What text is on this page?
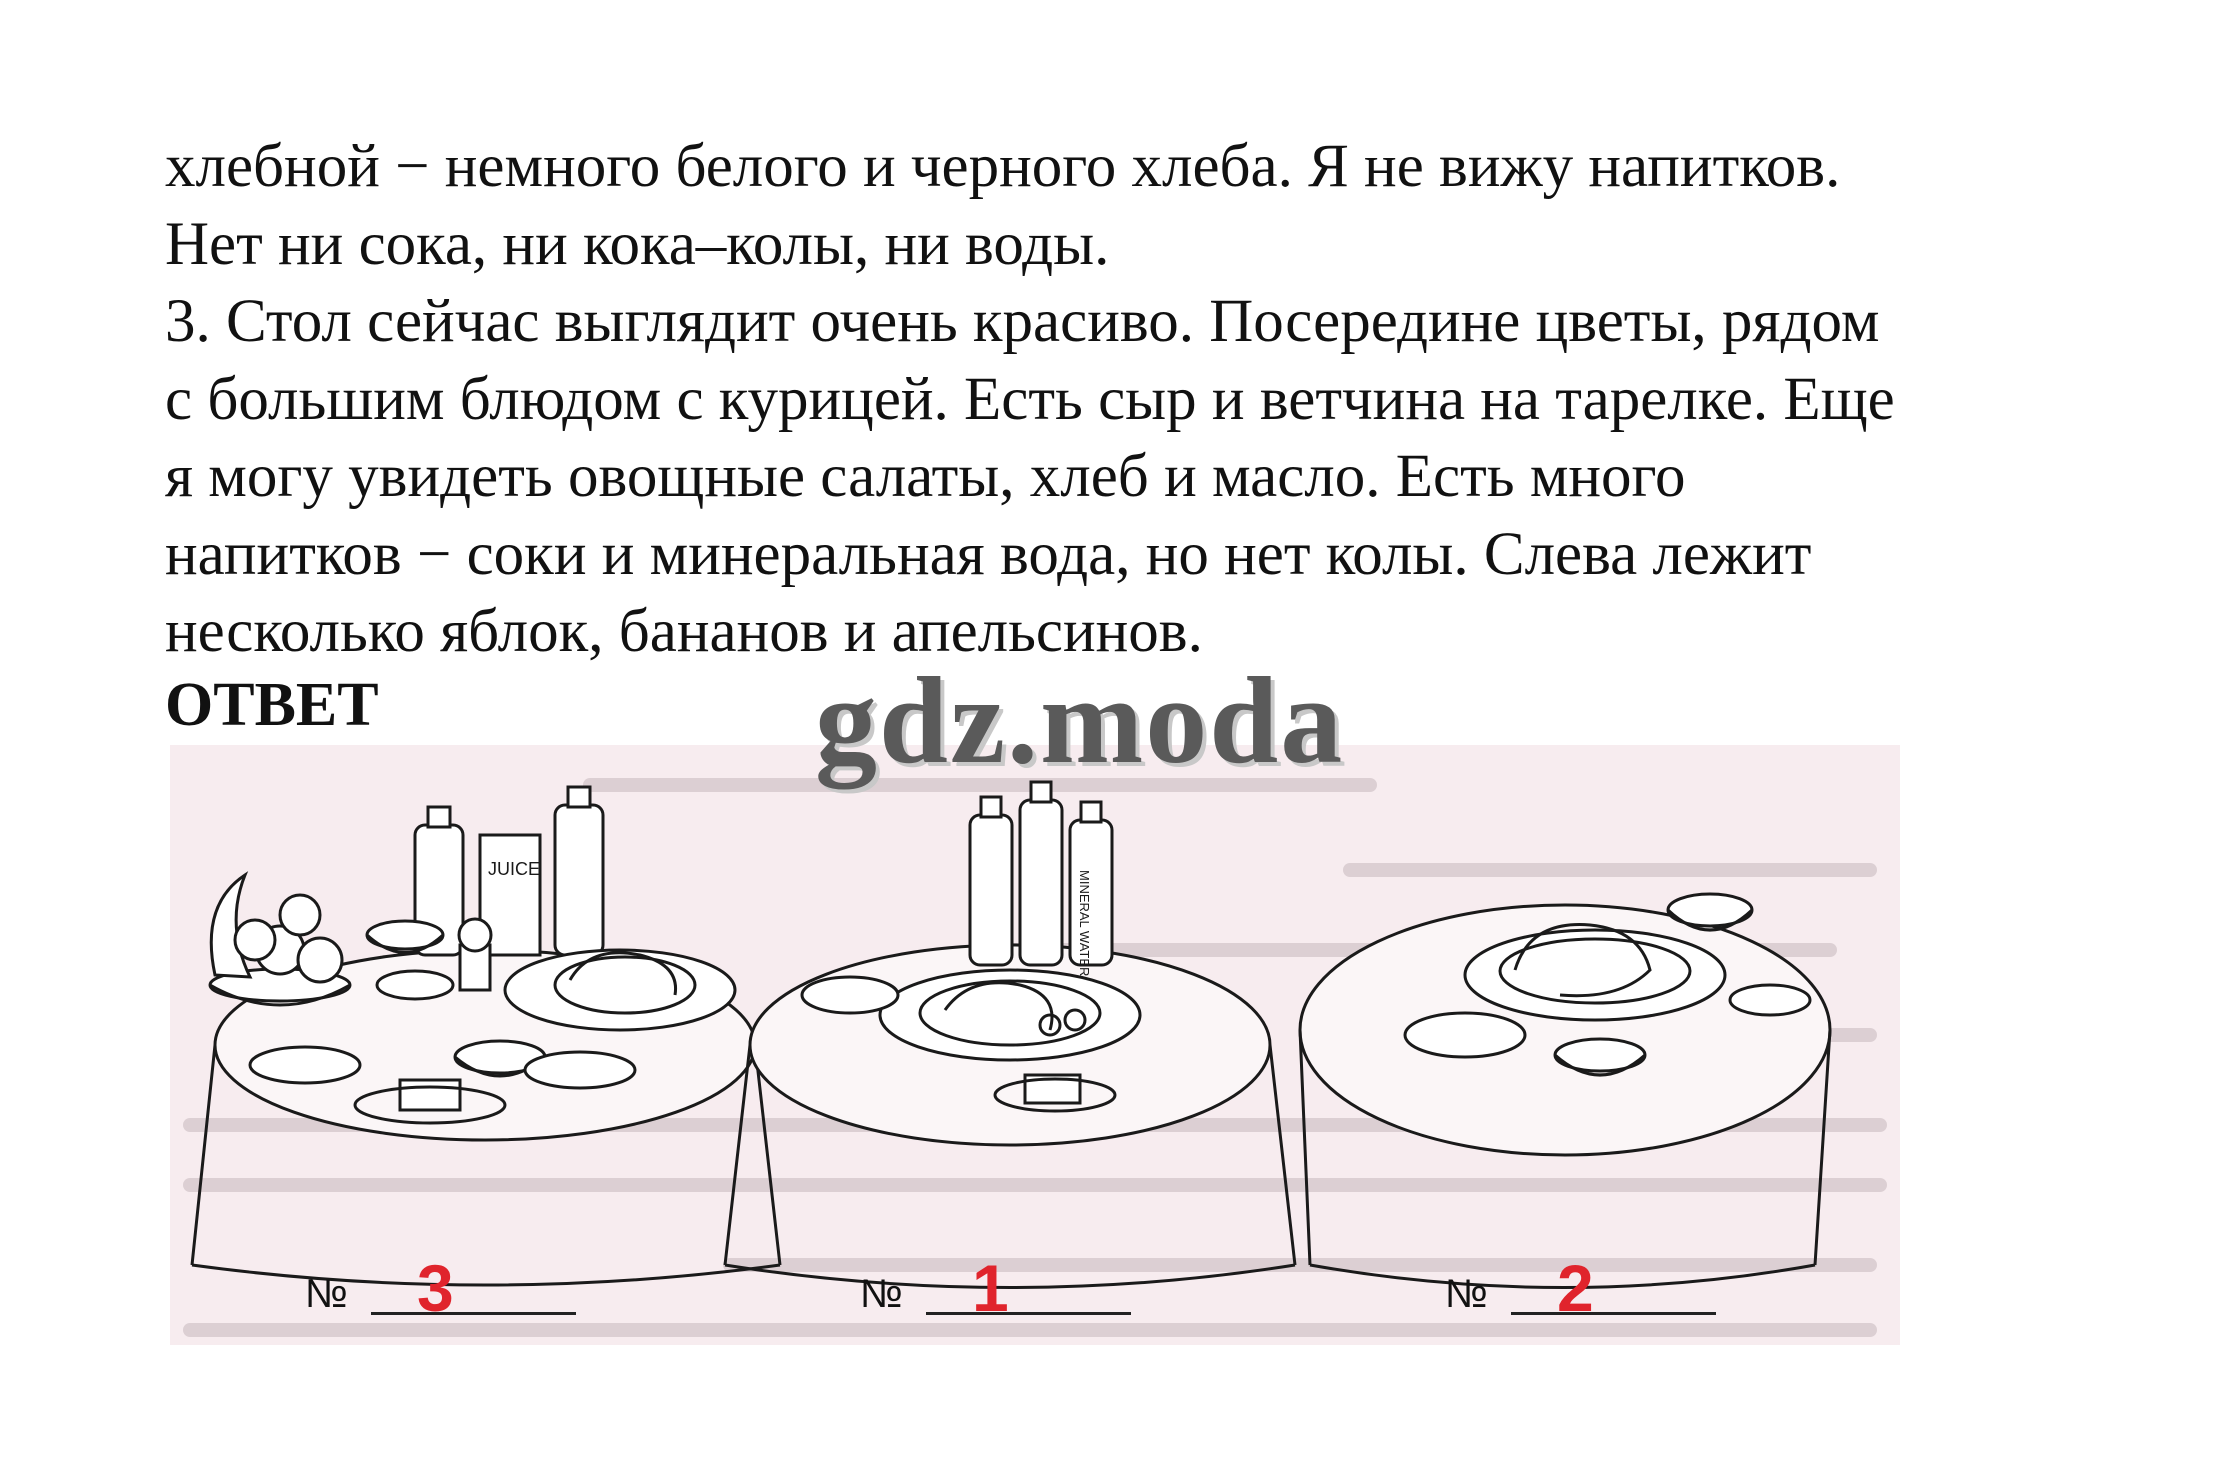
хлебной − немного белого и черного хлеба. Я не вижу напитков.

Нет ни сока, ни кока–колы, ни воды.

3. Стол сейчас выглядит очень красиво. Посередине цветы, рядом

с большим блюдом с курицей. Есть сыр и ветчина на тарелке. Еще

я могу увидеть овощные салаты, хлеб и масло. Есть много

напитков − соки и минеральная вода, но нет колы. Слева лежит

несколько яблок, бананов и апельсинов.

ОТВЕТ
JUICE
MINERAL WATER
№ 3	№ 1	№ 2
gdz.moda
